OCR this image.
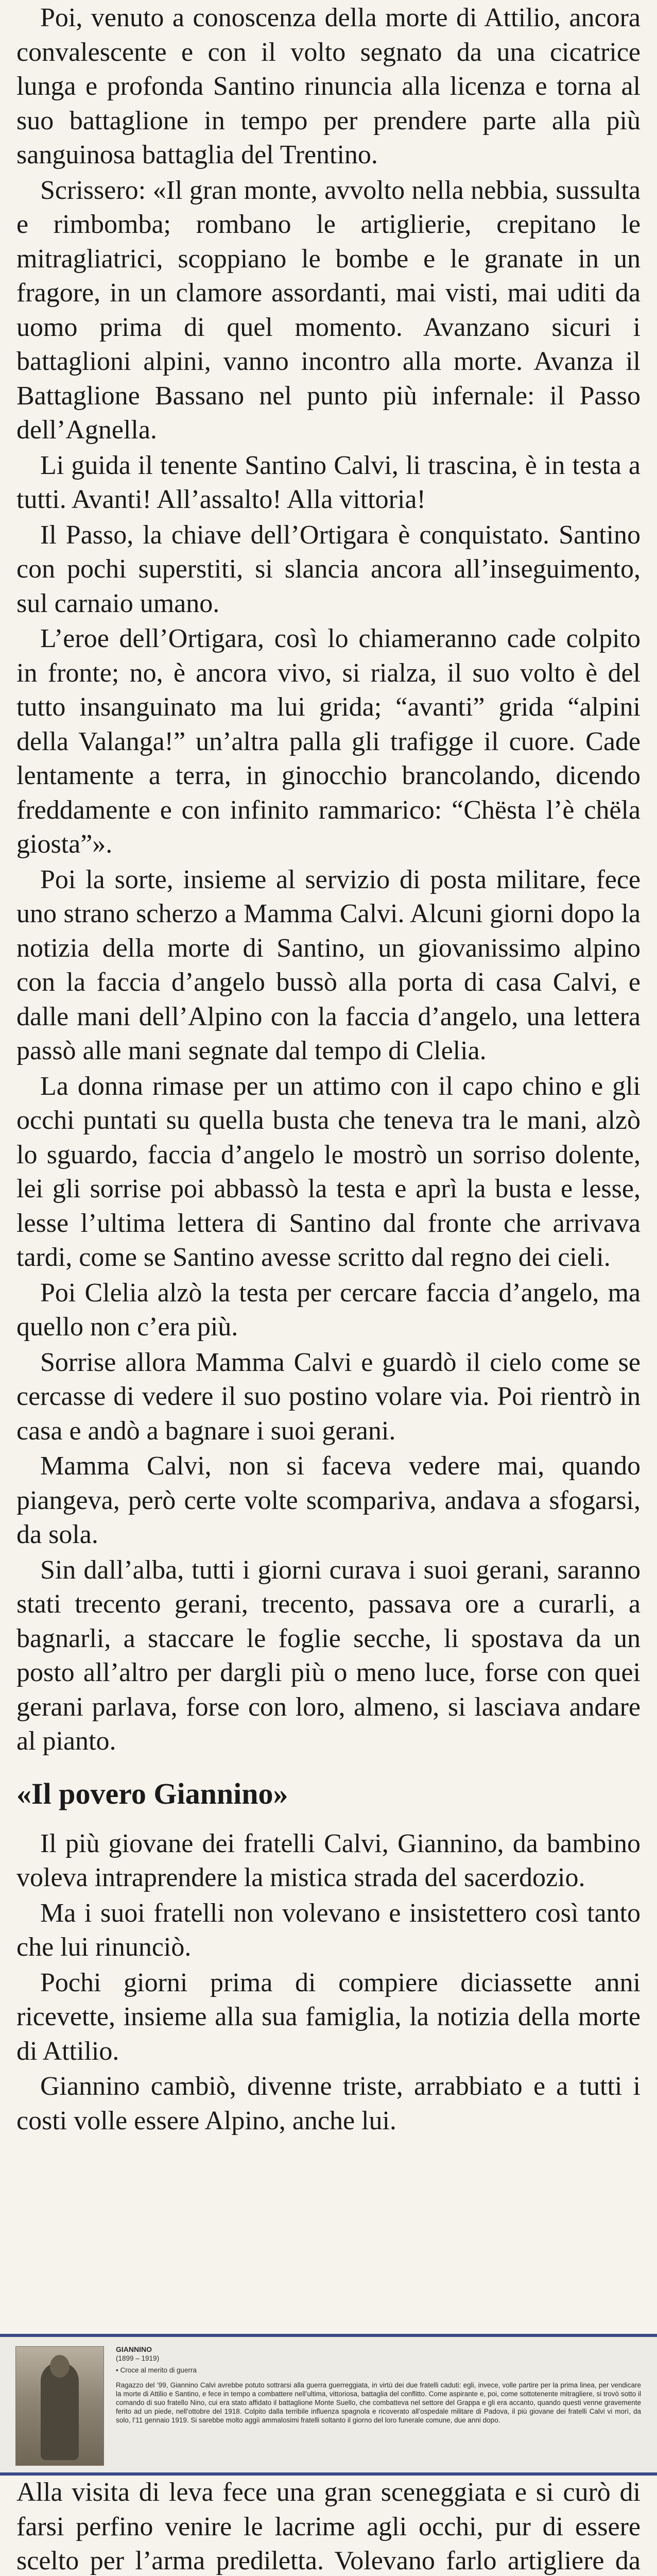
Poi, venuto a conoscenza della morte di Attilio, ancora convalescente e con il volto segnato da una cicatrice lunga e profonda Santino rinuncia alla licenza e torna al suo battaglione in tempo per prendere parte alla più sanguinosa battaglia del Trentino.

Scrissero: «Il gran monte, avvolto nella nebbia, sussulta e rimbomba; rombano le artiglierie, crepitano le mitragliatrici, scoppiano le bombe e le granate in un fragore, in un clamore assordanti, mai visti, mai uditi da uomo prima di quel momento. Avanzano sicuri i battaglioni alpini, vanno incontro alla morte. Avanza il Battaglione Bassano nel punto più infernale: il Passo dell’Agnella.

Li guida il tenente Santino Calvi, li trascina, è in testa a tutti. Avanti! All’assalto! Alla vittoria!

Il Passo, la chiave dell’Ortigara è conquistato. Santino con pochi superstiti, si slancia ancora all’inseguimento, sul carnaio umano.

L’eroe dell’Ortigara, così lo chiameranno cade colpito in fronte; no, è ancora vivo, si rialza, il suo volto è del tutto insanguinato ma lui grida; “avanti” grida “alpini della Valanga!” un’altra palla gli trafigge il cuore. Cade lentamente a terra, in ginocchio brancolando, dicendo freddamente e con infinito rammarico: “Chësta l’è chëla giosta”».

Poi la sorte, insieme al servizio di posta militare, fece uno strano scherzo a Mamma Calvi. Alcuni giorni dopo la notizia della morte di Santino, un giovanissimo alpino con la faccia d’angelo bussò alla porta di casa Calvi, e dalle mani dell’Alpino con la faccia d’angelo, una lettera passò alle mani segnate dal tempo di Clelia.

La donna rimase per un attimo con il capo chino e gli occhi puntati su quella busta che teneva tra le mani, alzò lo sguardo, faccia d’angelo le mostrò un sorriso dolente, lei gli sorrise poi abbassò la testa e aprì la busta e lesse, lesse l’ultima lettera di Santino dal fronte che arrivava tardi, come se Santino avesse scritto dal regno dei cieli.

Poi Clelia alzò la testa per cercare faccia d’angelo, ma quello non c’era più.

Sorrise allora Mamma Calvi e guardò il cielo come se cercasse di vedere il suo postino volare via. Poi rientrò in casa e andò a bagnare i suoi gerani.

Mamma Calvi, non si faceva vedere mai, quando piangeva, però certe volte scompariva, andava a sfogarsi, da sola.

Sin dall’alba, tutti i giorni curava i suoi gerani, saranno stati trecento gerani, trecento, passava ore a curarli, a bagnarli, a staccare le foglie secche, li spostava da un posto all’altro per dargli più o meno luce, forse con quei gerani parlava, forse con loro, almeno, si lasciava andare al pianto.

«Il povero Giannino»

Il più giovane dei fratelli Calvi, Giannino, da bambino voleva intraprendere la mistica strada del sacerdozio.

Ma i suoi fratelli non volevano e insistettero così tanto che lui rinunciò.

Pochi giorni prima di compiere diciassette anni ricevette, insieme alla sua famiglia, la notizia della morte di Attilio.

Giannino cambiò, divenne triste, arrabbiato e a tutti i costi volle essere Alpino, anche lui.

GIANNINO
(1899 – 1919)
• Croce al merito di guerra
Ragazzo del ’99, Giannino Calvi avrebbe potuto sottrarsi alla guerra guerreggiata, in virtù dei due fratelli caduti: egli, invece, volle partire per la prima linea, per vendicare la morte di Attilio e Santino, e fece in tempo a combattere nell’ultima, vittoriosa, battaglia del conflitto. Come aspirante e, poi, come sottotenente mitragliere, si trovò sotto il comando di suo fratello Nino, cui era stato affidato il battaglione Monte Suello, che combatteva nel settore del Grappa e gli era accanto, quando questi venne gravemente ferito ad un piede, nell’ottobre del 1918. Colpito dalla terribile influenza spagnola e ricoverato all’ospedale militare di Padova, il più giovane dei fratelli Calvi vi morì, da solo, l’11 gennaio 1919. Si sarebbe molto aggiì ammalosimi fratelli soltanto il giorno del loro funerale comune, due anni dopo.

Alla visita di leva fece una gran sceneggiata e si curò di farsi perfino venire le lacrime agli occhi, pur di essere scelto per l’arma prediletta. Volevano farlo artigliere da
